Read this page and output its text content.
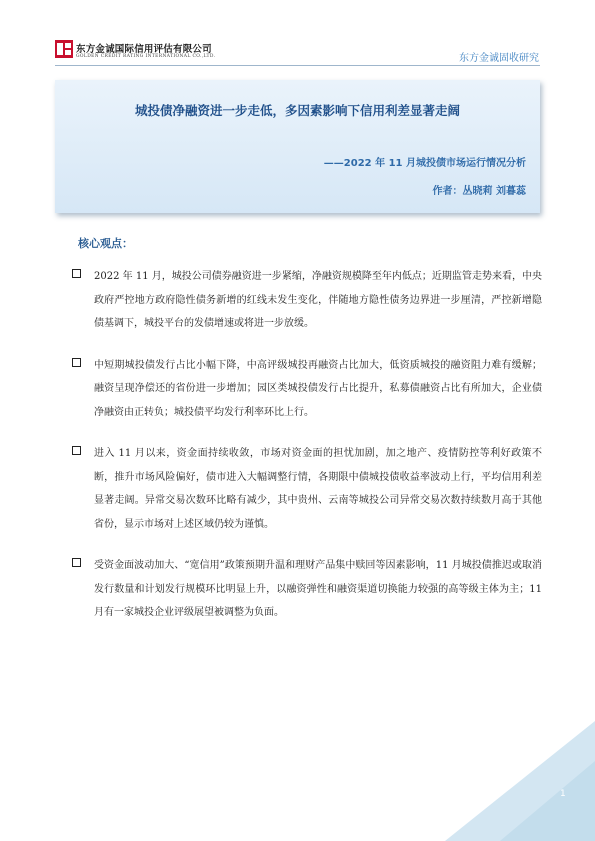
东方金诚国际信用评估有限公司
GOLDEN CREDIT RATING INTERNATIONAL CO.,LTD.	东方金诚固收研究
城投债净融资进一步走低，多因素影响下信用利差显著走阔
——2022 年 11 月城投债市场运行情况分析
作者：丛晓莉 刘暮蕊
核心观点：
2022 年 11 月，城投公司债券融资进一步紧缩，净融资规模降至年内低点；近期监管走势来看，中央政府严控地方政府隐性债务新增的红线未发生变化，伴随地方隐性债务边界进一步厘清，严控新增隐债基调下，城投平台的发债增速或将进一步放缓。
中短期城投债发行占比小幅下降，中高评级城投再融资占比加大，低资质城投的融资阻力难有缓解；融资呈现净偿还的省份进一步增加；园区类城投债发行占比提升，私募债融资占比有所加大，企业债净融资由正转负；城投债平均发行利率环比上行。
进入 11 月以来，资金面持续收敛，市场对资金面的担忧加剧，加之地产、疫情防控等利好政策不断，推升市场风险偏好，债市进入大幅调整行情，各期限中债城投债收益率波动上行，平均信用利差显著走阔。异常交易次数环比略有减少，其中贵州、云南等城投公司异常交易次数持续数月高于其他省份，显示市场对上述区域仍较为谨慎。
受资金面波动加大、“宽信用”政策预期升温和理财产品集中赎回等因素影响，11 月城投债推迟或取消发行数量和计划发行规模环比明显上升，以融资弹性和融资渠道切换能力较强的高等级主体为主；11 月有一家城投企业评级展望被调整为负面。
1
